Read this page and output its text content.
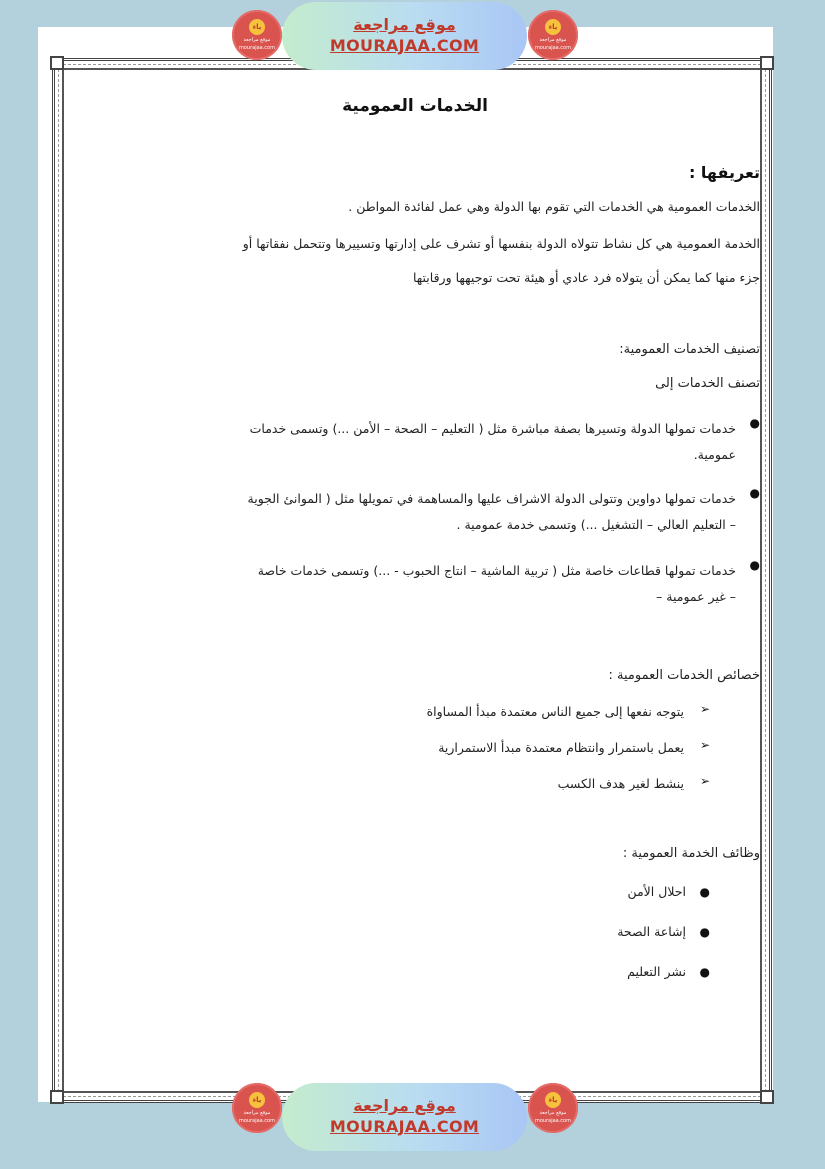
ياء
موقع مراجعة
mourajaa.com
موقع مراجعة
MOURAJAA.COM
ياء
موقع مراجعة
mourajaa.com
الخدمات العمومية
تعريفها :
الخدمات العمومية هي الخدمات التي تقوم بها الدولة وهي عمل لفائدة المواطن .
الخدمة العمومية هي كل نشاط تتولاه الدولة بنفسها أو تشرف على إدارتها وتسييرها وتتحمل نفقاتها أو
جزء منها كما يمكن أن يتولاه فرد عادي أو هيئة تحت توجيهها ورقابتها
تصنيف الخدمات العمومية:
تصنف الخدمات إلى
●
خدمات تمولها الدولة وتسيرها بصفة مباشرة مثل ( التعليم – الصحة – الأمن ...) وتسمى خدمات
عمومية.
●
خدمات تمولها دواوين وتتولى الدولة الاشراف عليها والمساهمة في تمويلها مثل ( الموانئ الجوية
– التعليم العالي – التشغيل ...) وتسمى خدمة عمومية .
●
خدمات تمولها قطاعات خاصة مثل ( تربية الماشية – انتاج الحبوب - ...) وتسمى خدمات خاصة
– غير عمومية –
خصائص الخدمات العمومية :
➢
يتوجه نفعها إلى جميع الناس معتمدة مبدأ المساواة
➢
يعمل باستمرار وانتظام معتمدة مبدأ الاستمرارية
➢
ينشط لغير هدف الكسب
وظائف الخدمة العمومية :
●
احلال الأمن
●
إشاعة الصحة
●
نشر التعليم
ياء
موقع مراجعة
mourajaa.com
موقع مراجعة
MOURAJAA.COM
ياء
موقع مراجعة
mourajaa.com
